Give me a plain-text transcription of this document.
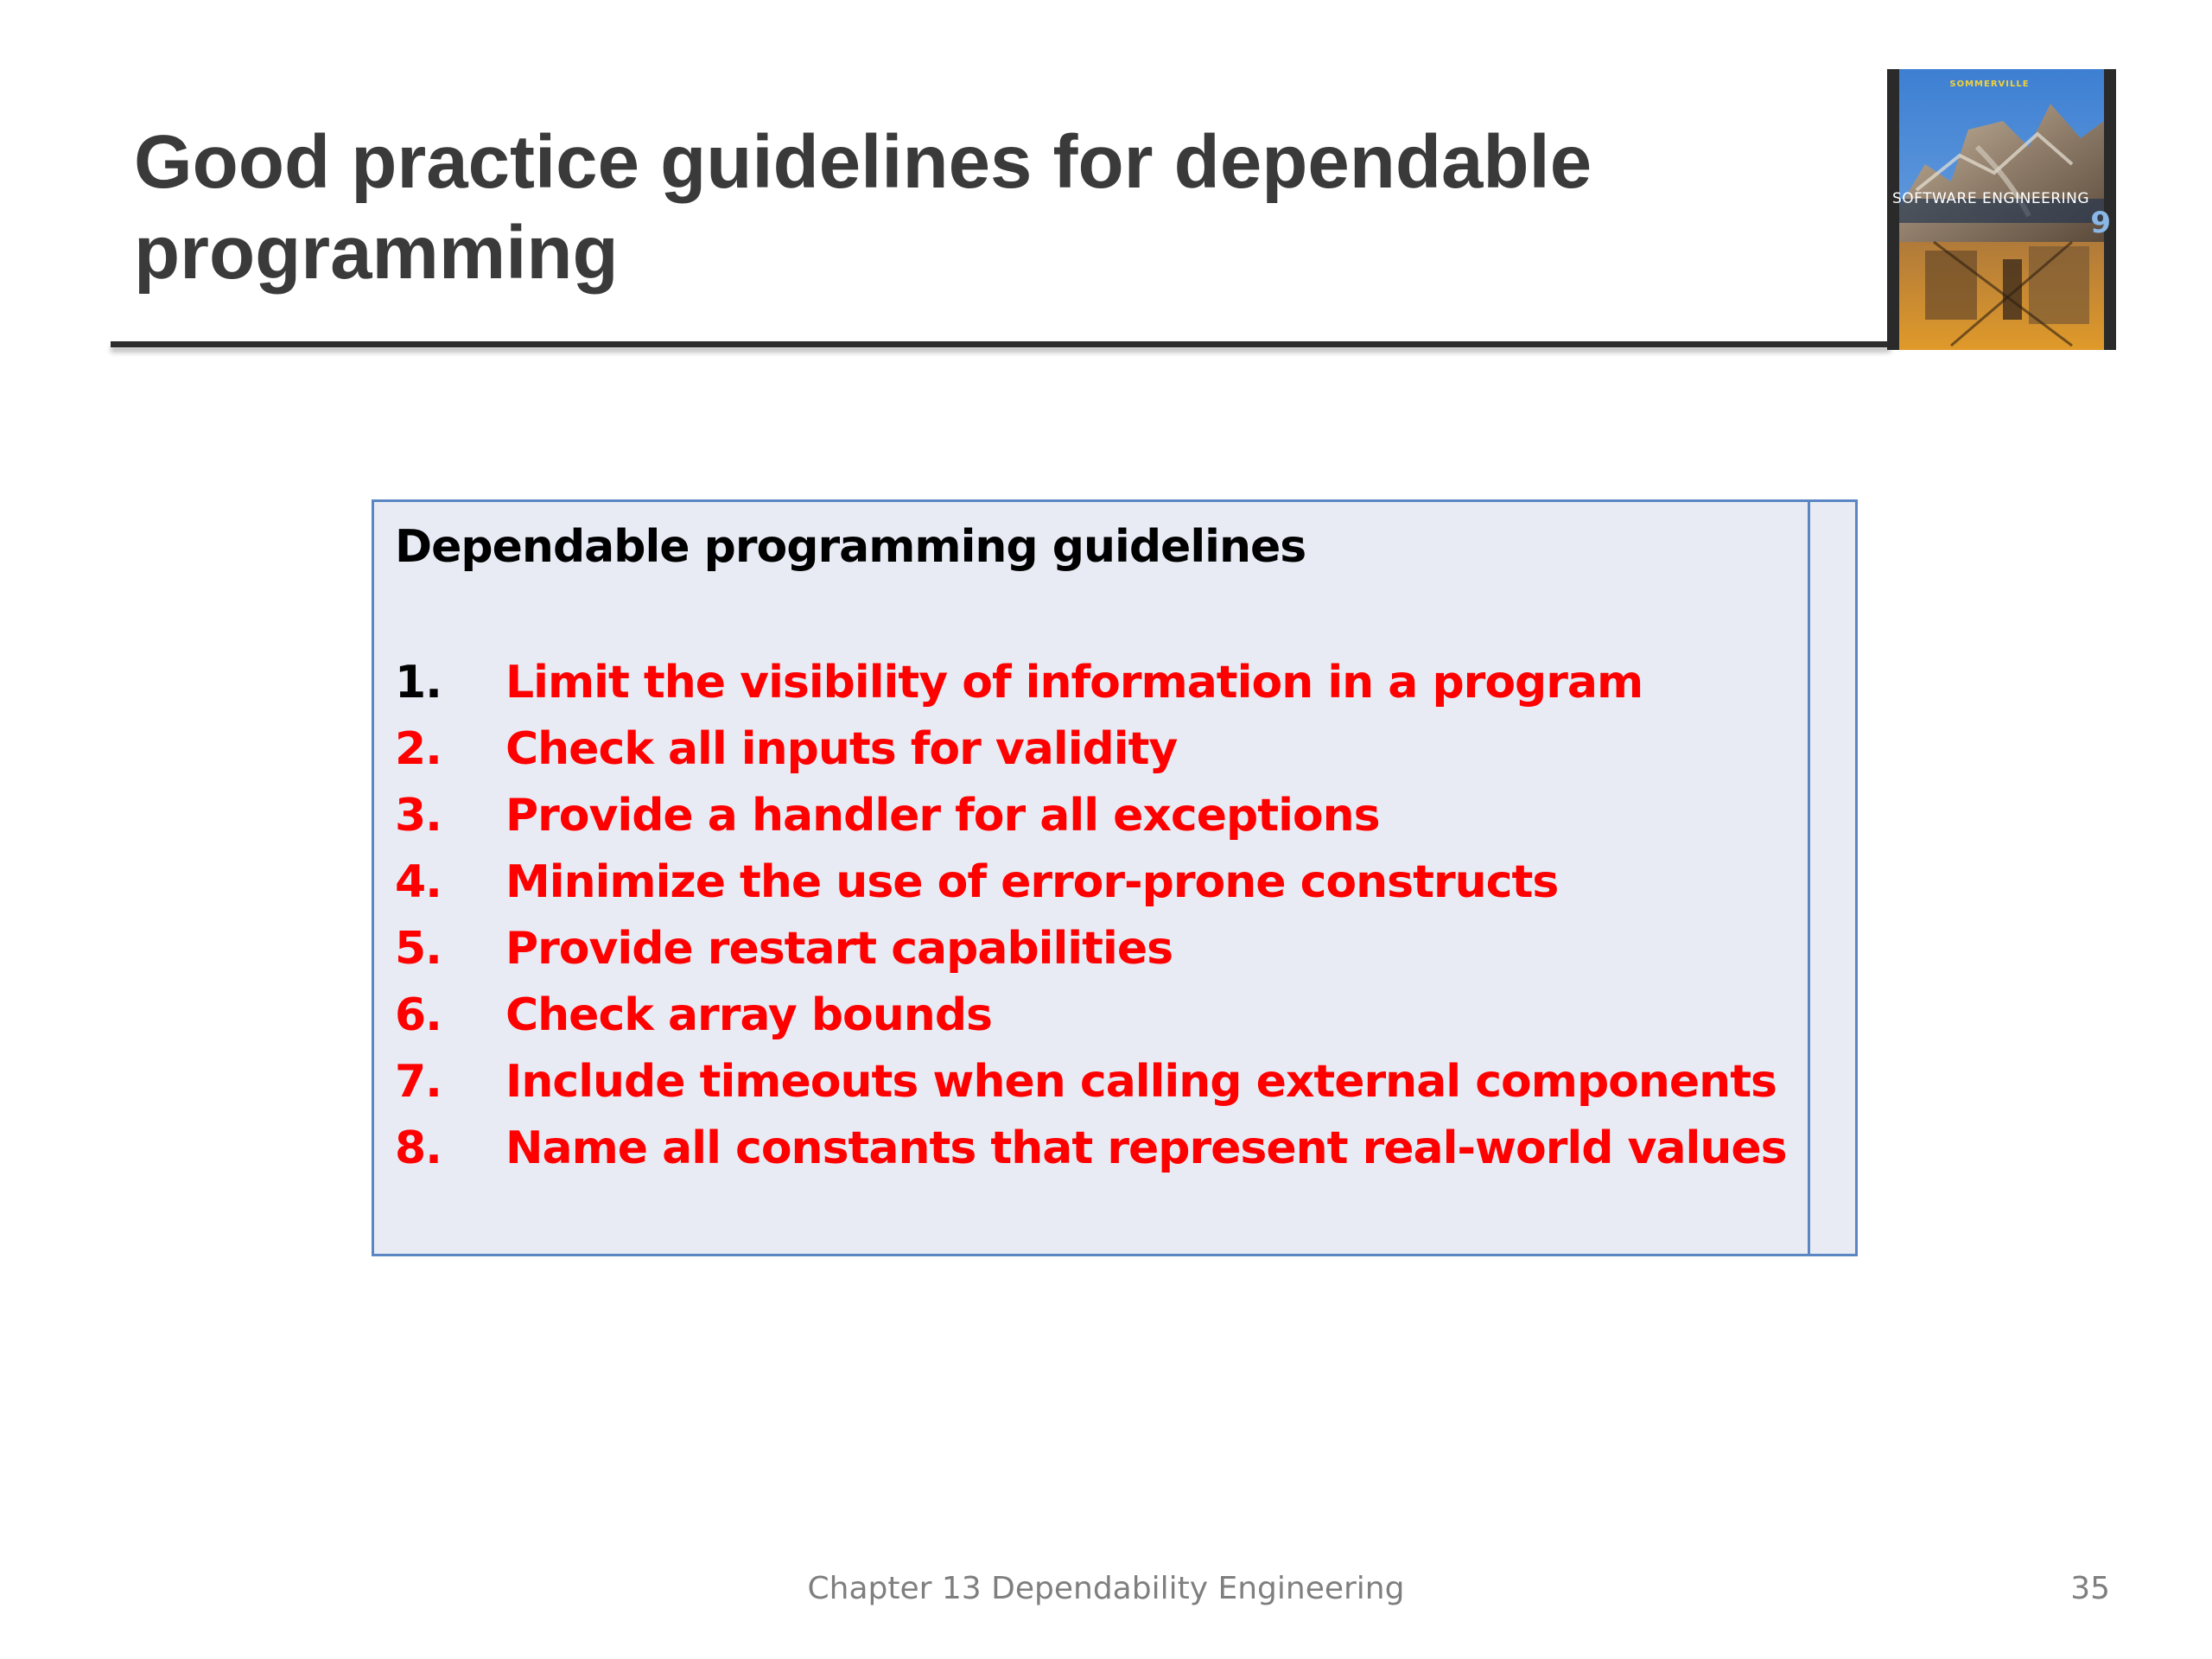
Good practice guidelines for dependable programming
SOMMERVILLE
SOFTWARE ENGINEERING
9
Dependable programming guidelines
1.	Limit the visibility of information in a program
2.	Check all inputs for validity
3.	Provide a handler for all exceptions
4.	Minimize the use of error-prone constructs
5.	Provide restart capabilities
6.	Check array bounds
7.	Include timeouts when calling external components
8.	Name all constants that represent real-world values
Chapter 13 Dependability Engineering	35
